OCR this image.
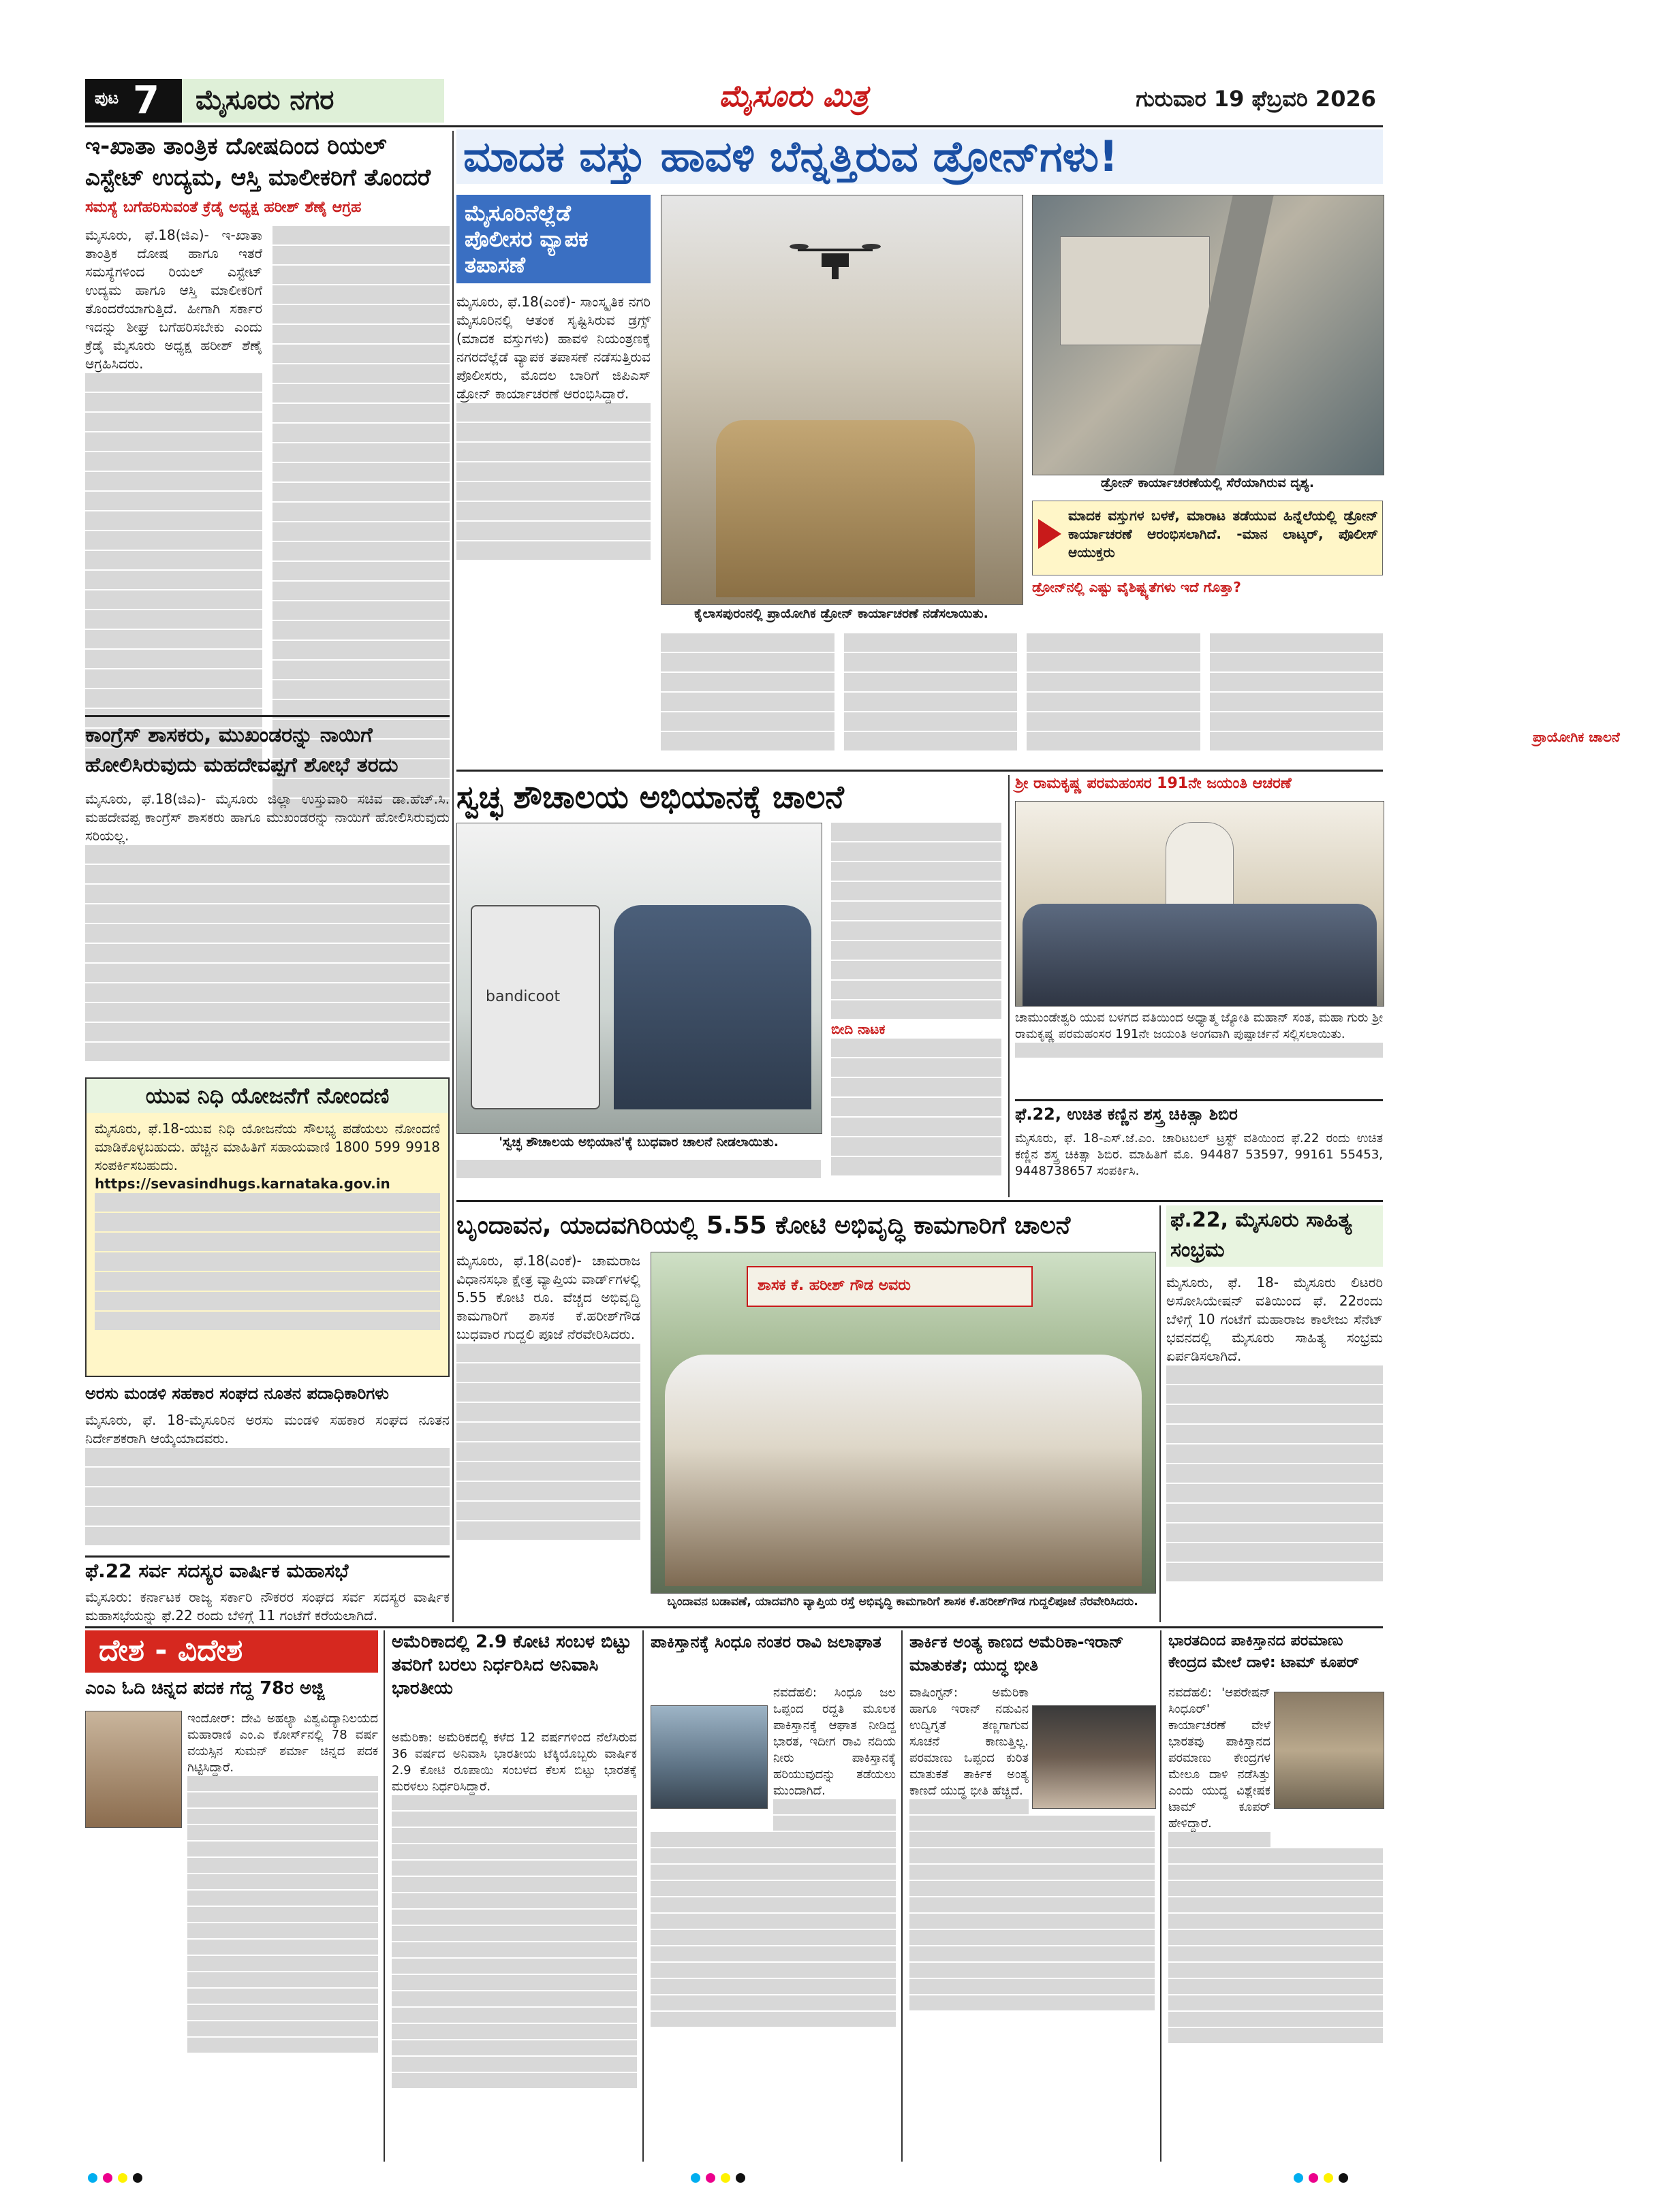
ಪುಟ 7 ಮೈಸೂರು ನಗರ	ಮೈಸೂರು ಮಿತ್ರ	ಗುರುವಾರ 19 ಫೆಬ್ರವರಿ 2026
ಇ-ಖಾತಾ ತಾಂತ್ರಿಕ ದೋಷದಿಂದ ರಿಯಲ್ ಎಸ್ಟೇಟ್ ಉದ್ಯಮ, ಆಸ್ತಿ ಮಾಲೀಕರಿಗೆ ತೊಂದರೆ
ಸಮಸ್ಯೆ ಬಗೆಹರಿಸುವಂತೆ ಕ್ರೆಡೈ ಅಧ್ಯಕ್ಷ ಹರೀಶ್ ಶೆಣೈ ಆಗ್ರಹ

ಮೈಸೂರು, ಫೆ.18(ಜಿಎ)- ಇ-ಖಾತಾ ತಾಂತ್ರಿಕ ದೋಷ ಹಾಗೂ ಇತರೆ ಸಮಸ್ಯೆಗಳಿಂದ ರಿಯಲ್ ಎಸ್ಟೇಟ್ ಉದ್ಯಮ ಹಾಗೂ ಆಸ್ತಿ ಮಾಲೀಕರಿಗೆ ತೊಂದರೆಯಾಗುತ್ತಿದೆ. ಹೀಗಾಗಿ ಸರ್ಕಾರ ಇದನ್ನು ಶೀಘ್ರ ಬಗೆಹರಿಸಬೇಕು ಎಂದು ಕ್ರೆಡೈ ಮೈಸೂರು ಅಧ್ಯಕ್ಷ ಹರೀಶ್ ಶೆಣೈ ಆಗ್ರಹಿಸಿದರು.

ಕಾಂಗ್ರೆಸ್ ಶಾಸಕರು, ಮುಖಂಡರನ್ನು ನಾಯಿಗೆ ಹೋಲಿಸಿರುವುದು ಮಹದೇವಪ್ಪಗೆ ಶೋಭೆ ತರದು

ಮೈಸೂರು, ಫೆ.18(ಜಿಎ)- ಮೈಸೂರು ಜಿಲ್ಲಾ ಉಸ್ತುವಾರಿ ಸಚಿವ ಡಾ.ಹೆಚ್.ಸಿ. ಮಹದೇವಪ್ಪ ಕಾಂಗ್ರೆಸ್ ಶಾಸಕರು ಹಾಗೂ ಮುಖಂಡರನ್ನು ನಾಯಿಗೆ ಹೋಲಿಸಿರುವುದು ಸರಿಯಲ್ಲ.

ಯುವ ನಿಧಿ ಯೋಜನೆಗೆ ನೋಂದಣಿ

ಮೈಸೂರು, ಫೆ.18-ಯುವ ನಿಧಿ ಯೋಜನೆಯ ಸೌಲಭ್ಯ ಪಡೆಯಲು ನೋಂದಣಿ ಮಾಡಿಕೊಳ್ಳಬಹುದು. ಹೆಚ್ಚಿನ ಮಾಹಿತಿಗೆ ಸಹಾಯವಾಣಿ 1800 599 9918 ಸಂಪರ್ಕಿಸಬಹುದು.

https://sevasindhugs.karnataka.gov.in

ಅರಸು ಮಂಡಳಿ ಸಹಕಾರ ಸಂಘದ ನೂತನ ಪದಾಧಿಕಾರಿಗಳು

ಮೈಸೂರು, ಫೆ. 18-ಮೈಸೂರಿನ ಅರಸು ಮಂಡಳಿ ಸಹಕಾರ ಸಂಘದ ನೂತನ ನಿರ್ದೇಶಕರಾಗಿ ಆಯ್ಕೆಯಾದವರು.

ಫೆ.22 ಸರ್ವ ಸದಸ್ಯರ ವಾರ್ಷಿಕ ಮಹಾಸಭೆ

ಮೈಸೂರು: ಕರ್ನಾಟಕ ರಾಜ್ಯ ಸರ್ಕಾರಿ ನೌಕರರ ಸಂಘದ ಸರ್ವ ಸದಸ್ಯರ ವಾರ್ಷಿಕ ಮಹಾಸಭೆಯನ್ನು ಫೆ.22 ರಂದು ಬೆಳಿಗ್ಗೆ 11 ಗಂಟೆಗೆ ಕರೆಯಲಾಗಿದೆ.

ಮಾದಕ ವಸ್ತು ಹಾವಳಿ ಬೆನ್ನತ್ತಿರುವ ಡ್ರೋನ್‌ಗಳು!
ಮೈಸೂರಿನೆಲ್ಲೆಡೆ ಪೊಲೀಸರ ವ್ಯಾಪಕ ತಪಾಸಣೆ

ಮೈಸೂರು, ಫೆ.18(ಎಂಕೆ)- ಸಾಂಸ್ಕೃತಿಕ ನಗರಿ ಮೈಸೂರಿನಲ್ಲಿ ಆತಂಕ ಸೃಷ್ಟಿಸಿರುವ ಡ್ರಗ್ಸ್ (ಮಾದಕ ವಸ್ತುಗಳು) ಹಾವಳಿ ನಿಯಂತ್ರಣಕ್ಕೆ ನಗರದೆಲ್ಲೆಡೆ ವ್ಯಾಪಕ ತಪಾಸಣೆ ನಡೆಸುತ್ತಿರುವ ಪೊಲೀಸರು, ಮೊದಲ ಬಾರಿಗೆ ಜಿಪಿಎಸ್ ಡ್ರೋನ್ ಕಾರ್ಯಾಚರಣೆ ಆರಂಭಿಸಿದ್ದಾರೆ.

ಕೈಲಾಸಪುರಂನಲ್ಲಿ ಪ್ರಾಯೋಗಿಕ ಡ್ರೋನ್ ಕಾರ್ಯಾಚರಣೆ ನಡೆಸಲಾಯಿತು.
ಡ್ರೋನ್ ಕಾರ್ಯಾಚರಣೆಯಲ್ಲಿ ಸೆರೆಯಾಗಿರುವ ದೃಶ್ಯ.
ಮಾದಕ ವಸ್ತುಗಳ ಬಳಕೆ, ಮಾರಾಟ ತಡೆಯುವ ಹಿನ್ನೆಲೆಯಲ್ಲಿ ಡ್ರೋನ್ ಕಾರ್ಯಾಚರಣೆ ಆರಂಭಿಸಲಾಗಿದೆ. -ಮಾನ ಲಾಟ್ಕರ್, ಪೊಲೀಸ್ ಆಯುಕ್ತರು
ಡ್ರೋನ್‌ನಲ್ಲಿ ಎಷ್ಟು ವೈಶಿಷ್ಟ್ಯತೆಗಳು ಇದೆ ಗೊತ್ತಾ?
ಪ್ರಾಯೋಗಿಕ ಚಾಲನೆ
ಸ್ವಚ್ಛ ಶೌಚಾಲಯ ಅಭಿಯಾನಕ್ಕೆ ಚಾಲನೆ
bandicoot
'ಸ್ವಚ್ಛ ಶೌಚಾಲಯ ಅಭಿಯಾನ'ಕ್ಕೆ ಬುಧವಾರ ಚಾಲನೆ ನೀಡಲಾಯಿತು.

ಬೀದಿ ನಾಟಕ

ಶ್ರೀ ರಾಮಕೃಷ್ಣ ಪರಮಹಂಸರ 191ನೇ ಜಯಂತಿ ಆಚರಣೆ

ಚಾಮುಂಡೇಶ್ವರಿ ಯುವ ಬಳಗದ ವತಿಯಿಂದ ಅಧ್ಯಾತ್ಮ ಜ್ಯೋತಿ ಮಹಾನ್ ಸಂತ, ಮಹಾ ಗುರು ಶ್ರೀ ರಾಮಕೃಷ್ಣ ಪರಮಹಂಸರ 191ನೇ ಜಯಂತಿ ಅಂಗವಾಗಿ ಪುಷ್ಪಾರ್ಚನೆ ಸಲ್ಲಿಸಲಾಯಿತು.

ಫೆ.22, ಉಚಿತ ಕಣ್ಣಿನ ಶಸ್ತ್ರ ಚಿಕಿತ್ಸಾ ಶಿಬಿರ

ಮೈಸೂರು, ಫೆ. 18-ಎಸ್.ಜೆ.ಎಂ. ಚಾರಿಟಬಲ್ ಟ್ರಸ್ಟ್ ವತಿಯಿಂದ ಫೆ.22 ರಂದು ಉಚಿತ ಕಣ್ಣಿನ ಶಸ್ತ್ರ ಚಿಕಿತ್ಸಾ ಶಿಬಿರ. ಮಾಹಿತಿಗೆ ಮೊ. 94487 53597, 99161 55453, 9448738657 ಸಂಪರ್ಕಿಸಿ.

ಬೃಂದಾವನ, ಯಾದವಗಿರಿಯಲ್ಲಿ 5.55 ಕೋಟಿ ಅಭಿವೃದ್ಧಿ ಕಾಮಗಾರಿಗೆ ಚಾಲನೆ

ಮೈಸೂರು, ಫೆ.18(ಎಂಕೆ)- ಚಾಮರಾಜ ವಿಧಾನಸಭಾ ಕ್ಷೇತ್ರ ವ್ಯಾಪ್ತಿಯ ವಾರ್ಡ್‌ಗಳಲ್ಲಿ 5.55 ಕೋಟಿ ರೂ. ವೆಚ್ಚದ ಅಭಿವೃದ್ಧಿ ಕಾಮಗಾರಿಗೆ ಶಾಸಕ ಕೆ.ಹರೀಶ್‌ಗೌಡ ಬುಧವಾರ ಗುದ್ದಲಿ ಪೂಜೆ ನೆರವೇರಿಸಿದರು.

ಶಾಸಕ ಕೆ. ಹರೀಶ್ ಗೌಡ ಅವರು
ಬೃಂದಾವನ ಬಡಾವಣೆ, ಯಾದವಗಿರಿ ವ್ಯಾಪ್ತಿಯ ರಸ್ತೆ ಅಭಿವೃದ್ಧಿ ಕಾಮಗಾರಿಗೆ ಶಾಸಕ ಕೆ.ಹರೀಶ್‌ಗೌಡ ಗುದ್ದಲಿಪೂಜೆ ನೆರವೇರಿಸಿದರು.
ಫೆ.22, ಮೈಸೂರು ಸಾಹಿತ್ಯ ಸಂಭ್ರಮ

ಮೈಸೂರು, ಫೆ. 18- ಮೈಸೂರು ಲಿಟರರಿ ಅಸೋಸಿಯೇಷನ್ ವತಿಯಿಂದ ಫೆ. 22ರಂದು ಬೆಳಿಗ್ಗೆ 10 ಗಂಟೆಗೆ ಮಹಾರಾಜ ಕಾಲೇಜು ಸೆನೆಟ್ ಭವನದಲ್ಲಿ ಮೈಸೂರು ಸಾಹಿತ್ಯ ಸಂಭ್ರಮ ಏರ್ಪಡಿಸಲಾಗಿದೆ.

ದೇಶ - ವಿದೇಶ
ಎಂಎ ಓದಿ ಚಿನ್ನದ ಪದಕ ಗೆದ್ದ 78ರ ಅಜ್ಜಿ

ಇಂದೋರ್: ದೇವಿ ಅಹಲ್ಯಾ ವಿಶ್ವವಿದ್ಯಾನಿಲಯದ ಮಹಾರಾಣಿ ಎಂ.ಎ ಕೋರ್ಸ್‌ನಲ್ಲಿ 78 ವರ್ಷ ವಯಸ್ಸಿನ ಸುಮನ್ ಶರ್ಮಾ ಚಿನ್ನದ ಪದಕ ಗಿಟ್ಟಿಸಿದ್ದಾರೆ.

ಅಮೆರಿಕಾದಲ್ಲಿ 2.9 ಕೋಟಿ ಸಂಬಳ ಬಿಟ್ಟು ತವರಿಗೆ ಬರಲು ನಿರ್ಧರಿಸಿದ ಅನಿವಾಸಿ ಭಾರತೀಯ

ಅಮೆರಿಕಾ: ಅಮೆರಿಕದಲ್ಲಿ ಕಳೆದ 12 ವರ್ಷಗಳಿಂದ ನೆಲೆಸಿರುವ 36 ವರ್ಷದ ಅನಿವಾಸಿ ಭಾರತೀಯ ಟೆಕ್ಕಿಯೊಬ್ಬರು ವಾರ್ಷಿಕ 2.9 ಕೋಟಿ ರೂಪಾಯಿ ಸಂಬಳದ ಕೆಲಸ ಬಿಟ್ಟು ಭಾರತಕ್ಕೆ ಮರಳಲು ನಿರ್ಧರಿಸಿದ್ದಾರೆ.

ಪಾಕಿಸ್ತಾನಕ್ಕೆ ಸಿಂಧೂ ನಂತರ ರಾವಿ ಜಲಾಘಾತ

ನವದೆಹಲಿ: ಸಿಂಧೂ ಜಲ ಒಪ್ಪಂದ ರದ್ದತಿ ಮೂಲಕ ಪಾಕಿಸ್ತಾನಕ್ಕೆ ಆಘಾತ ನೀಡಿದ್ದ ಭಾರತ, ಇದೀಗ ರಾವಿ ನದಿಯ ನೀರು ಪಾಕಿಸ್ತಾನಕ್ಕೆ ಹರಿಯುವುದನ್ನು ತಡೆಯಲು ಮುಂದಾಗಿದೆ.

ತಾರ್ಕಿಕ ಅಂತ್ಯ ಕಾಣದ ಅಮೆರಿಕಾ-ಇರಾನ್ ಮಾತುಕತೆ; ಯುದ್ಧ ಭೀತಿ

ವಾಷಿಂಗ್ಟನ್: ಅಮೆರಿಕಾ ಹಾಗೂ ಇರಾನ್ ನಡುವಿನ ಉದ್ವಿಗ್ನತೆ ತಣ್ಣಗಾಗುವ ಸೂಚನೆ ಕಾಣುತ್ತಿಲ್ಲ. ಪರಮಾಣು ಒಪ್ಪಂದ ಕುರಿತ ಮಾತುಕತೆ ತಾರ್ಕಿಕ ಅಂತ್ಯ ಕಾಣದೆ ಯುದ್ಧ ಭೀತಿ ಹೆಚ್ಚಿದೆ.

ಭಾರತದಿಂದ ಪಾಕಿಸ್ತಾನದ ಪರಮಾಣು ಕೇಂದ್ರದ ಮೇಲೆ ದಾಳಿ: ಟಾಮ್ ಕೂಪರ್

ನವದೆಹಲಿ: 'ಆಪರೇಷನ್ ಸಿಂಧೂರ್' ಕಾರ್ಯಾಚರಣೆ ವೇಳೆ ಭಾರತವು ಪಾಕಿಸ್ತಾನದ ಪರಮಾಣು ಕೇಂದ್ರಗಳ ಮೇಲೂ ದಾಳಿ ನಡೆಸಿತ್ತು ಎಂದು ಯುದ್ಧ ವಿಶ್ಲೇಷಕ ಟಾಮ್ ಕೂಪರ್ ಹೇಳಿದ್ದಾರೆ.
